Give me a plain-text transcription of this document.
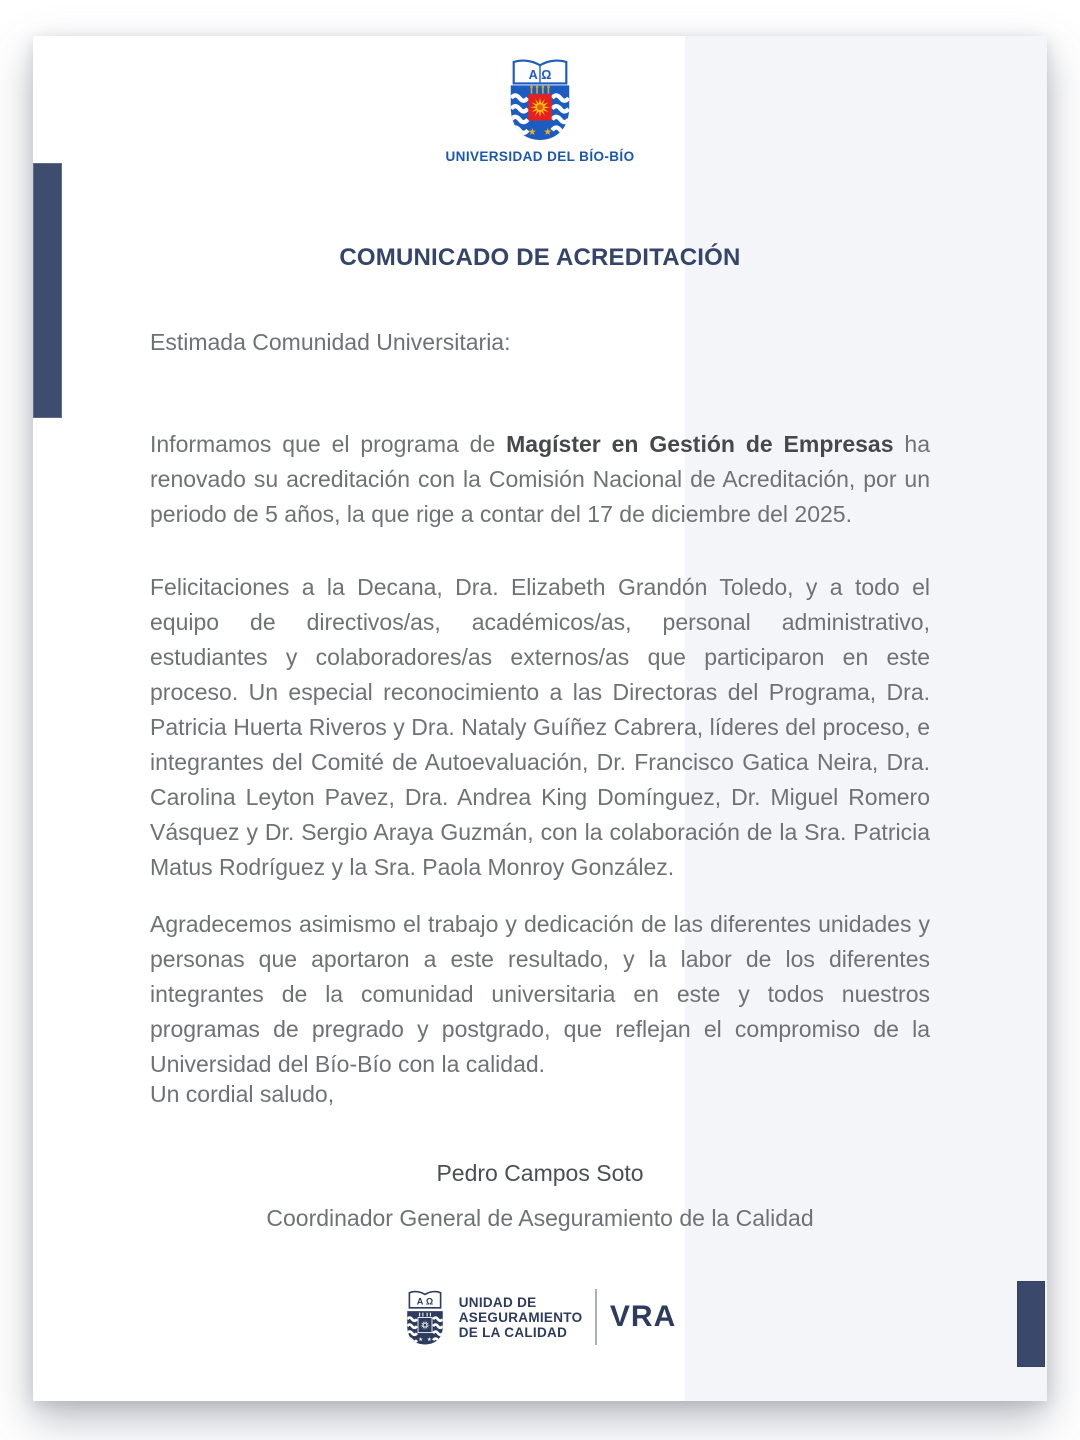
Α Ω
★ ★
UNIVERSIDAD DEL BÍO-BÍO
COMUNICADO DE ACREDITACIÓN
Estimada Comunidad Universitaria:

Informamos que el programa de Magíster en Gestión de Empresas ha renovado su acreditación con la Comisión Nacional de Acreditación, por un periodo de 5 años, la que rige a contar del 17 de diciembre del 2025.

Felicitaciones a la Decana, Dra. Elizabeth Grandón Toledo, y a todo el equipo de directivos/as, académicos/as, personal administrativo, estudiantes y colaboradores/as externos/as que participaron en este proceso. Un especial reconocimiento a las Directoras del Programa, Dra. Patricia Huerta Riveros y Dra. Nataly Guíñez Cabrera, líderes del proceso, e integrantes del Comité de Autoevaluación, Dr. Francisco Gatica Neira, Dra. Carolina Leyton Pavez, Dra. Andrea King Domínguez, Dr. Miguel Romero Vásquez y Dr. Sergio Araya Guzmán, con la colaboración de la Sra. Patricia Matus Rodríguez y la Sra. Paola Monroy González.

Agradecemos asimismo el trabajo y dedicación de las diferentes unidades y personas que aportaron a este resultado, y la labor de los diferentes integrantes de la comunidad universitaria en este y todos nuestros programas de pregrado y postgrado, que reflejan el compromiso de la Universidad del Bío-Bío con la calidad.

Un cordial saludo,
Pedro Campos Soto
Coordinador General de Aseguramiento de la Calidad
Α Ω
★ ★
UNIDAD DE
ASEGURAMIENTO
DE LA CALIDAD	VRA
